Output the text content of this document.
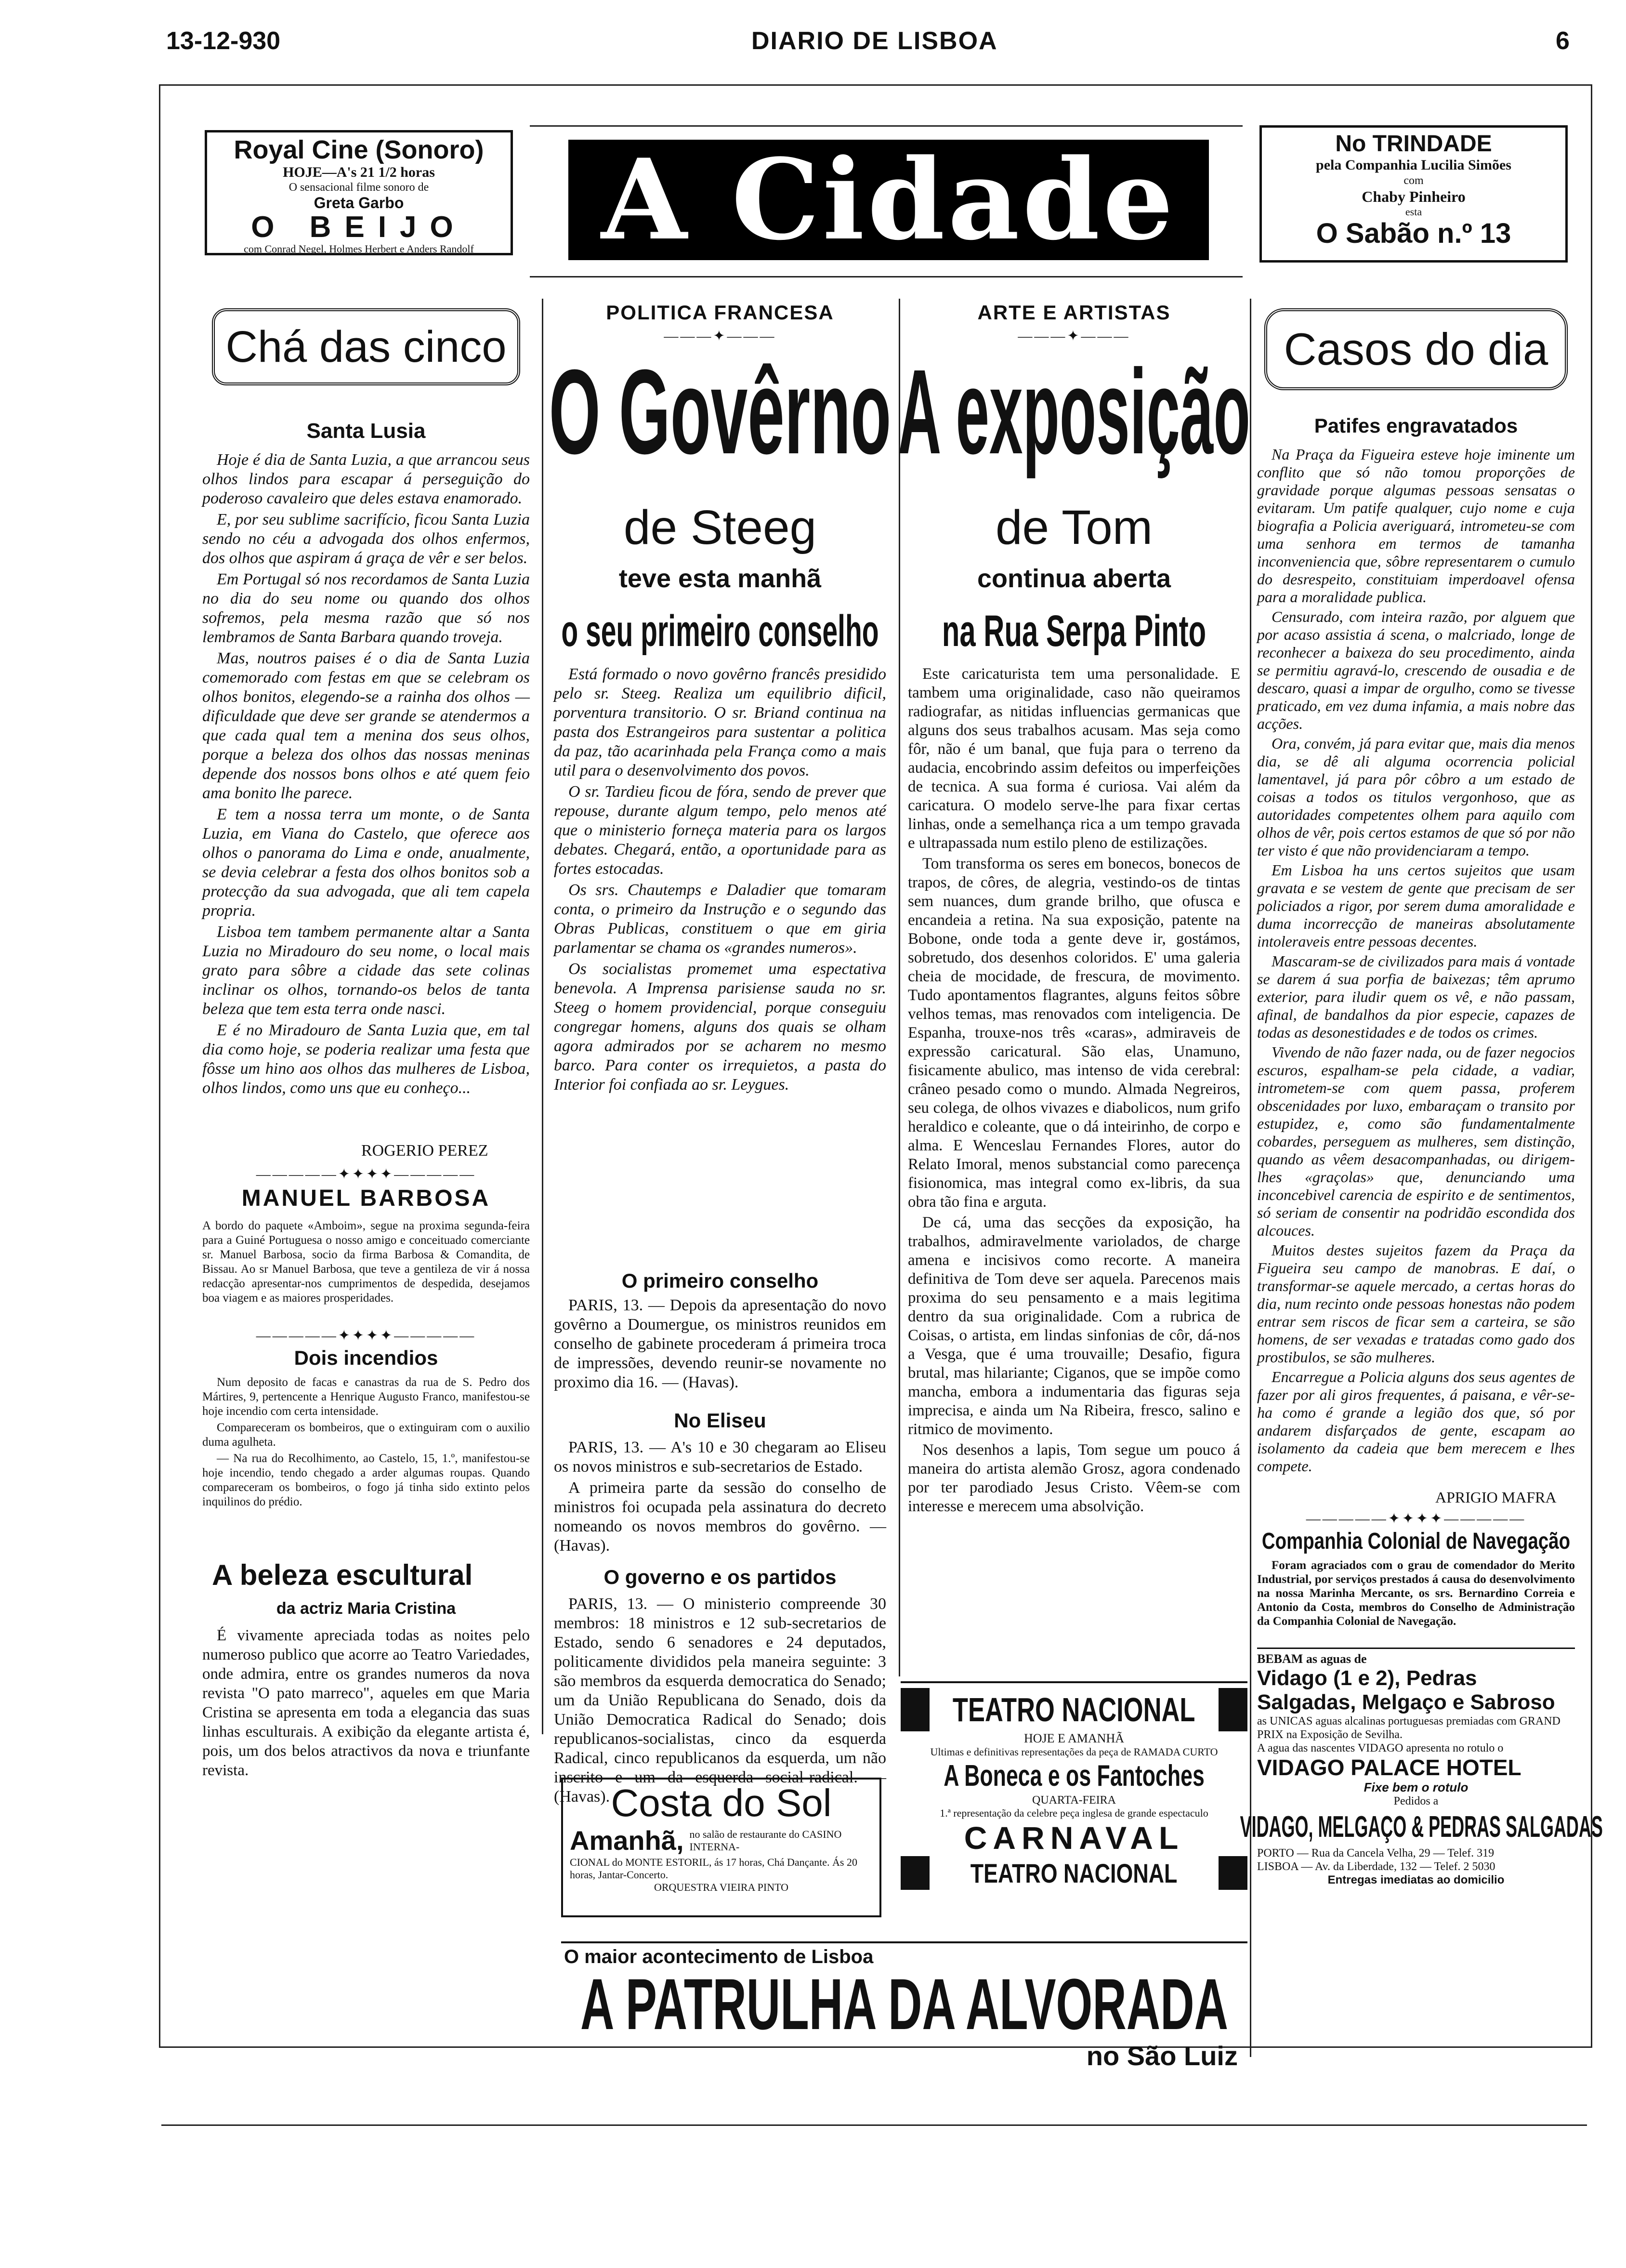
13-12-930	DIARIO DE LISBOA	6
Royal Cine (Sonoro)
HOJE—A's 21 1/2 horas
O sensacional filme sonoro de
Greta Garbo
O BEIJO
com Conrad Negel, Holmes Herbert e Anders Randolf	A Cidade	No TRINDADE
pela Companhia Lucilia Simões
com
Chaby Pinheiro
esta
O Sabão n.º 13
Chá das cinco
Santa Lusia

Hoje é dia de Santa Luzia, a que arrancou seus olhos lindos para escapar á perseguição do poderoso cavaleiro que deles estava enamorado.

E, por seu sublime sacrifício, ficou Santa Luzia sendo no céu a advogada dos olhos enfermos, dos olhos que aspiram á graça de vêr e ser belos.

Em Portugal só nos recordamos de Santa Luzia no dia do seu nome ou quando dos olhos sofremos, pela mesma razão que só nos lembramos de Santa Barbara quando troveja.

Mas, noutros paises é o dia de Santa Luzia comemorado com festas em que se celebram os olhos bonitos, elegendo-se a rainha dos olhos — dificuldade que deve ser grande se atendermos a que cada qual tem a menina dos seus olhos, porque a beleza dos olhos das nossas meninas depende dos nossos bons olhos e até quem feio ama bonito lhe parece.

E tem a nossa terra um monte, o de Santa Luzia, em Viana do Castelo, que oferece aos olhos o panorama do Lima e onde, anualmente, se devia celebrar a festa dos olhos bonitos sob a protecção da sua advogada, que ali tem capela propria.

Lisboa tem tambem permanente altar a Santa Luzia no Miradouro do seu nome, o local mais grato para sôbre a cidade das sete colinas inclinar os olhos, tornando-os belos de tanta beleza que tem esta terra onde nasci.

E é no Miradouro de Santa Luzia que, em tal dia como hoje, se poderia realizar uma festa que fôsse um hino aos olhos das mulheres de Lisboa, olhos lindos, como uns que eu conheço...

ROGERIO PEREZ
—————✦✦✦✦—————
MANUEL BARBOSA
A bordo do paquete «Amboim», segue na proxima segunda-feira para a Guiné Portuguesa o nosso amigo e conceituado comerciante sr. Manuel Barbosa, socio da firma Barbosa & Comandita, de Bissau. Ao sr Manuel Barbosa, que teve a gentileza de vir á nossa redacção apresentar-nos cumprimentos de despedida, desejamos boa viagem e as maiores prosperidades.
—————✦✦✦✦—————
Dois incendios

Num deposito de facas e canastras da rua de S. Pedro dos Mártires, 9, pertencente a Henrique Augusto Franco, manifestou-se hoje incendio com certa intensidade.

Compareceram os bombeiros, que o extinguiram com o auxilio duma agulheta.

— Na rua do Recolhimento, ao Castelo, 15, 1.º, manifestou-se hoje incendio, tendo chegado a arder algumas roupas. Quando compareceram os bombeiros, o fogo já tinha sido extinto pelos inquilinos do prédio.

A beleza escultural
da actriz Maria Cristina

É vivamente apreciada todas as noites pelo numeroso publico que acorre ao Teatro Variedades, onde admira, entre os grandes numeros da nova revista "O pato marreco", aqueles em que Maria Cristina se apresenta em toda a elegancia das suas linhas esculturais. A exibição da elegante artista é, pois, um dos belos atractivos da nova e triunfante revista.

POLITICA FRANCESA
———✦———
O Govêrno
de Steeg
teve esta manhã
o seu primeiro conselho

Está formado o novo govêrno francês presidido pelo sr. Steeg. Realiza um equilibrio dificil, porventura transitorio. O sr. Briand continua na pasta dos Estrangeiros para sustentar a politica da paz, tão acarinhada pela França como a mais util para o desenvolvimento dos povos.

O sr. Tardieu ficou de fóra, sendo de prever que repouse, durante algum tempo, pelo menos até que o ministerio forneça materia para os largos debates. Chegará, então, a oportunidade para as fortes estocadas.

Os srs. Chautemps e Daladier que tomaram conta, o primeiro da Instrução e o segundo das Obras Publicas, constituem o que em giria parlamentar se chama os «grandes numeros».

Os socialistas promemet uma espectativa benevola. A Imprensa parisiense sauda no sr. Steeg o homem providencial, porque conseguiu congregar homens, alguns dos quais se olham agora admirados por se acharem no mesmo barco. Para conter os irrequietos, a pasta do Interior foi confiada ao sr. Leygues.

O primeiro conselho

PARIS, 13. — Depois da apresentação do novo govêrno a Doumergue, os ministros reunidos em conselho de gabinete procederam á primeira troca de impressões, devendo reunir-se novamente no proximo dia 16. — (Havas).

No Eliseu

PARIS, 13. — A's 10 e 30 chegaram ao Eliseu os novos ministros e sub-secretarios de Estado.

A primeira parte da sessão do conselho de ministros foi ocupada pela assinatura do decreto nomeando os novos membros do govêrno. — (Havas).

O governo e os partidos

PARIS, 13. — O ministerio compreende 30 membros: 18 ministros e 12 sub-secretarios de Estado, sendo 6 senadores e 24 deputados, politicamente divididos pela maneira seguinte: 3 são membros da esquerda democratica do Senado; um da União Republicana do Senado, dois da União Democratica Radical do Senado; dois republicanos-socialistas, cinco da esquerda Radical, cinco republicanos da esquerda, um não inscrito e um da esquerda social-radical. — (Havas).

ARTE E ARTISTAS
———✦———
A exposição
de Tom
continua aberta
na Rua Serpa Pinto

Este caricaturista tem uma personalidade. E tambem uma originalidade, caso não queiramos radiografar, as nitidas influencias germanicas que alguns dos seus trabalhos acusam. Mas seja como fôr, não é um banal, que fuja para o terreno da audacia, encobrindo assim defeitos ou imperfeições de tecnica. A sua forma é curiosa. Vai além da caricatura. O modelo serve-lhe para fixar certas linhas, onde a semelhança rica a um tempo gravada e ultrapassada num estilo pleno de estilizações.

Tom transforma os seres em bonecos, bonecos de trapos, de côres, de alegria, vestindo-os de tintas sem nuances, dum grande brilho, que ofusca e encandeia a retina. Na sua exposição, patente na Bobone, onde toda a gente deve ir, gostámos, sobretudo, dos desenhos coloridos. E' uma galeria cheia de mocidade, de frescura, de movimento. Tudo apontamentos flagrantes, alguns feitos sôbre velhos temas, mas renovados com inteligencia. De Espanha, trouxe-nos três «caras», admiraveis de expressão caricatural. São elas, Unamuno, fisicamente abulico, mas intenso de vida cerebral: crâneo pesado como o mundo. Almada Negreiros, seu colega, de olhos vivazes e diabolicos, num grifo heraldico e coleante, que o dá inteirinho, de corpo e alma. E Wenceslau Fernandes Flores, autor do Relato Imoral, menos substancial como parecença fisionomica, mas integral como ex-libris, da sua obra tão fina e arguta.

De cá, uma das secções da exposição, ha trabalhos, admiravelmente variolados, de charge amena e incisivos como recorte. A maneira definitiva de Tom deve ser aquela. Parecenos mais proxima do seu pensamento e a mais legitima dentro da sua originalidade. Com a rubrica de Coisas, o artista, em lindas sinfonias de côr, dá-nos a Vesga, que é uma trouvaille; Desafio, figura brutal, mas hilariante; Ciganos, que se impõe como mancha, embora a indumentaria das figuras seja imprecisa, e ainda um Na Ribeira, fresco, salino e ritmico de movimento.

Nos desenhos a lapis, Tom segue um pouco á maneira do artista alemão Grosz, agora condenado por ter parodiado Jesus Cristo. Vêem-se com interesse e merecem uma absolvição.

TEATRO NACIONAL
HOJE E AMANHÃ
Ultimas e definitivas representações da peça de RAMADA CURTO
A Boneca e os Fantoches
QUARTA-FEIRA
1.ª representação da celebre peça inglesa de grande espectaculo
CARNAVAL
TEATRO NACIONAL
Costa do Sol
Amanhã, no salão de restaurante do CASINO INTERNA-
CIONAL do MONTE ESTORIL, ás 17 horas, Chá Dançante. Ás 20 horas, Jantar-Concerto.
ORQUESTRA VIEIRA PINTO
O maior acontecimento de Lisboa
A PATRULHA DA ALVORADA
no São Luiz
Casos do dia
Patifes engravatados

Na Praça da Figueira esteve hoje iminente um conflito que só não tomou proporções de gravidade porque algumas pessoas sensatas o evitaram. Um patife qualquer, cujo nome e cuja biografia a Policia averiguará, intrometeu-se com uma senhora em termos de tamanha inconveniencia que, sôbre representarem o cumulo do desrespeito, constituiam imperdoavel ofensa para a moralidade publica.

Censurado, com inteira razão, por alguem que por acaso assistia á scena, o malcriado, longe de reconhecer a baixeza do seu procedimento, ainda se permitiu agravá-lo, crescendo de ousadia e de descaro, quasi a impar de orgulho, como se tivesse praticado, em vez duma infamia, a mais nobre das acções.

Ora, convém, já para evitar que, mais dia menos dia, se dê ali alguma ocorrencia policial lamentavel, já para pôr côbro a um estado de coisas a todos os titulos vergonhoso, que as autoridades competentes olhem para aquilo com olhos de vêr, pois certos estamos de que só por não ter visto é que não providenciaram a tempo.

Em Lisboa ha uns certos sujeitos que usam gravata e se vestem de gente que precisam de ser policiados a rigor, por serem duma amoralidade e duma incorrecção de maneiras absolutamente intoleraveis entre pessoas decentes.

Mascaram-se de civilizados para mais á vontade se darem á sua porfia de baixezas; têm aprumo exterior, para iludir quem os vê, e não passam, afinal, de bandalhos da pior especie, capazes de todas as desonestidades e de todos os crimes.

Vivendo de não fazer nada, ou de fazer negocios escuros, espalham-se pela cidade, a vadiar, intrometem-se com quem passa, proferem obscenidades por luxo, embaraçam o transito por estupidez, e, como são fundamentalmente cobardes, perseguem as mulheres, sem distinção, quando as vêem desacompanhadas, ou dirigem-lhes «graçolas» que, denunciando uma inconcebivel carencia de espirito e de sentimentos, só seriam de consentir na podridão escondida dos alcouces.

Muitos destes sujeitos fazem da Praça da Figueira seu campo de manobras. E daí, o transformar-se aquele mercado, a certas horas do dia, num recinto onde pessoas honestas não podem entrar sem riscos de ficar sem a carteira, se são homens, de ser vexadas e tratadas como gado dos prostibulos, se são mulheres.

Encarregue a Policia alguns dos seus agentes de fazer por ali giros frequentes, á paisana, e vêr-se-ha como é grande a legião dos que, só por andarem disfarçados de gente, escapam ao isolamento da cadeia que bem merecem e lhes compete.

APRIGIO MAFRA
—————✦✦✦✦—————
Companhia Colonial de Navegação

Foram agraciados com o grau de comendador do Merito Industrial, por serviços prestados á causa do desenvolvimento na nossa Marinha Mercante, os srs. Bernardino Correia e Antonio da Costa, membros do Conselho de Administração da Companhia Colonial de Navegação.

BEBAM as aguas de
Vidago (1 e 2), Pedras Salgadas, Melgaço e Sabroso
as UNICAS aguas alcalinas portuguesas premiadas com GRAND PRIX na Exposição de Sevilha.
A agua das nascentes VIDAGO apresenta no rotulo o
VIDAGO PALACE HOTEL
Fixe bem o rotulo
Pedidos a
VIDAGO, MELGAÇO & PEDRAS SALGADAS
PORTO — Rua da Cancela Velha, 29 — Telef. 319
LISBOA — Av. da Liberdade, 132 — Telef. 2 5030
Entregas imediatas ao domicilio
